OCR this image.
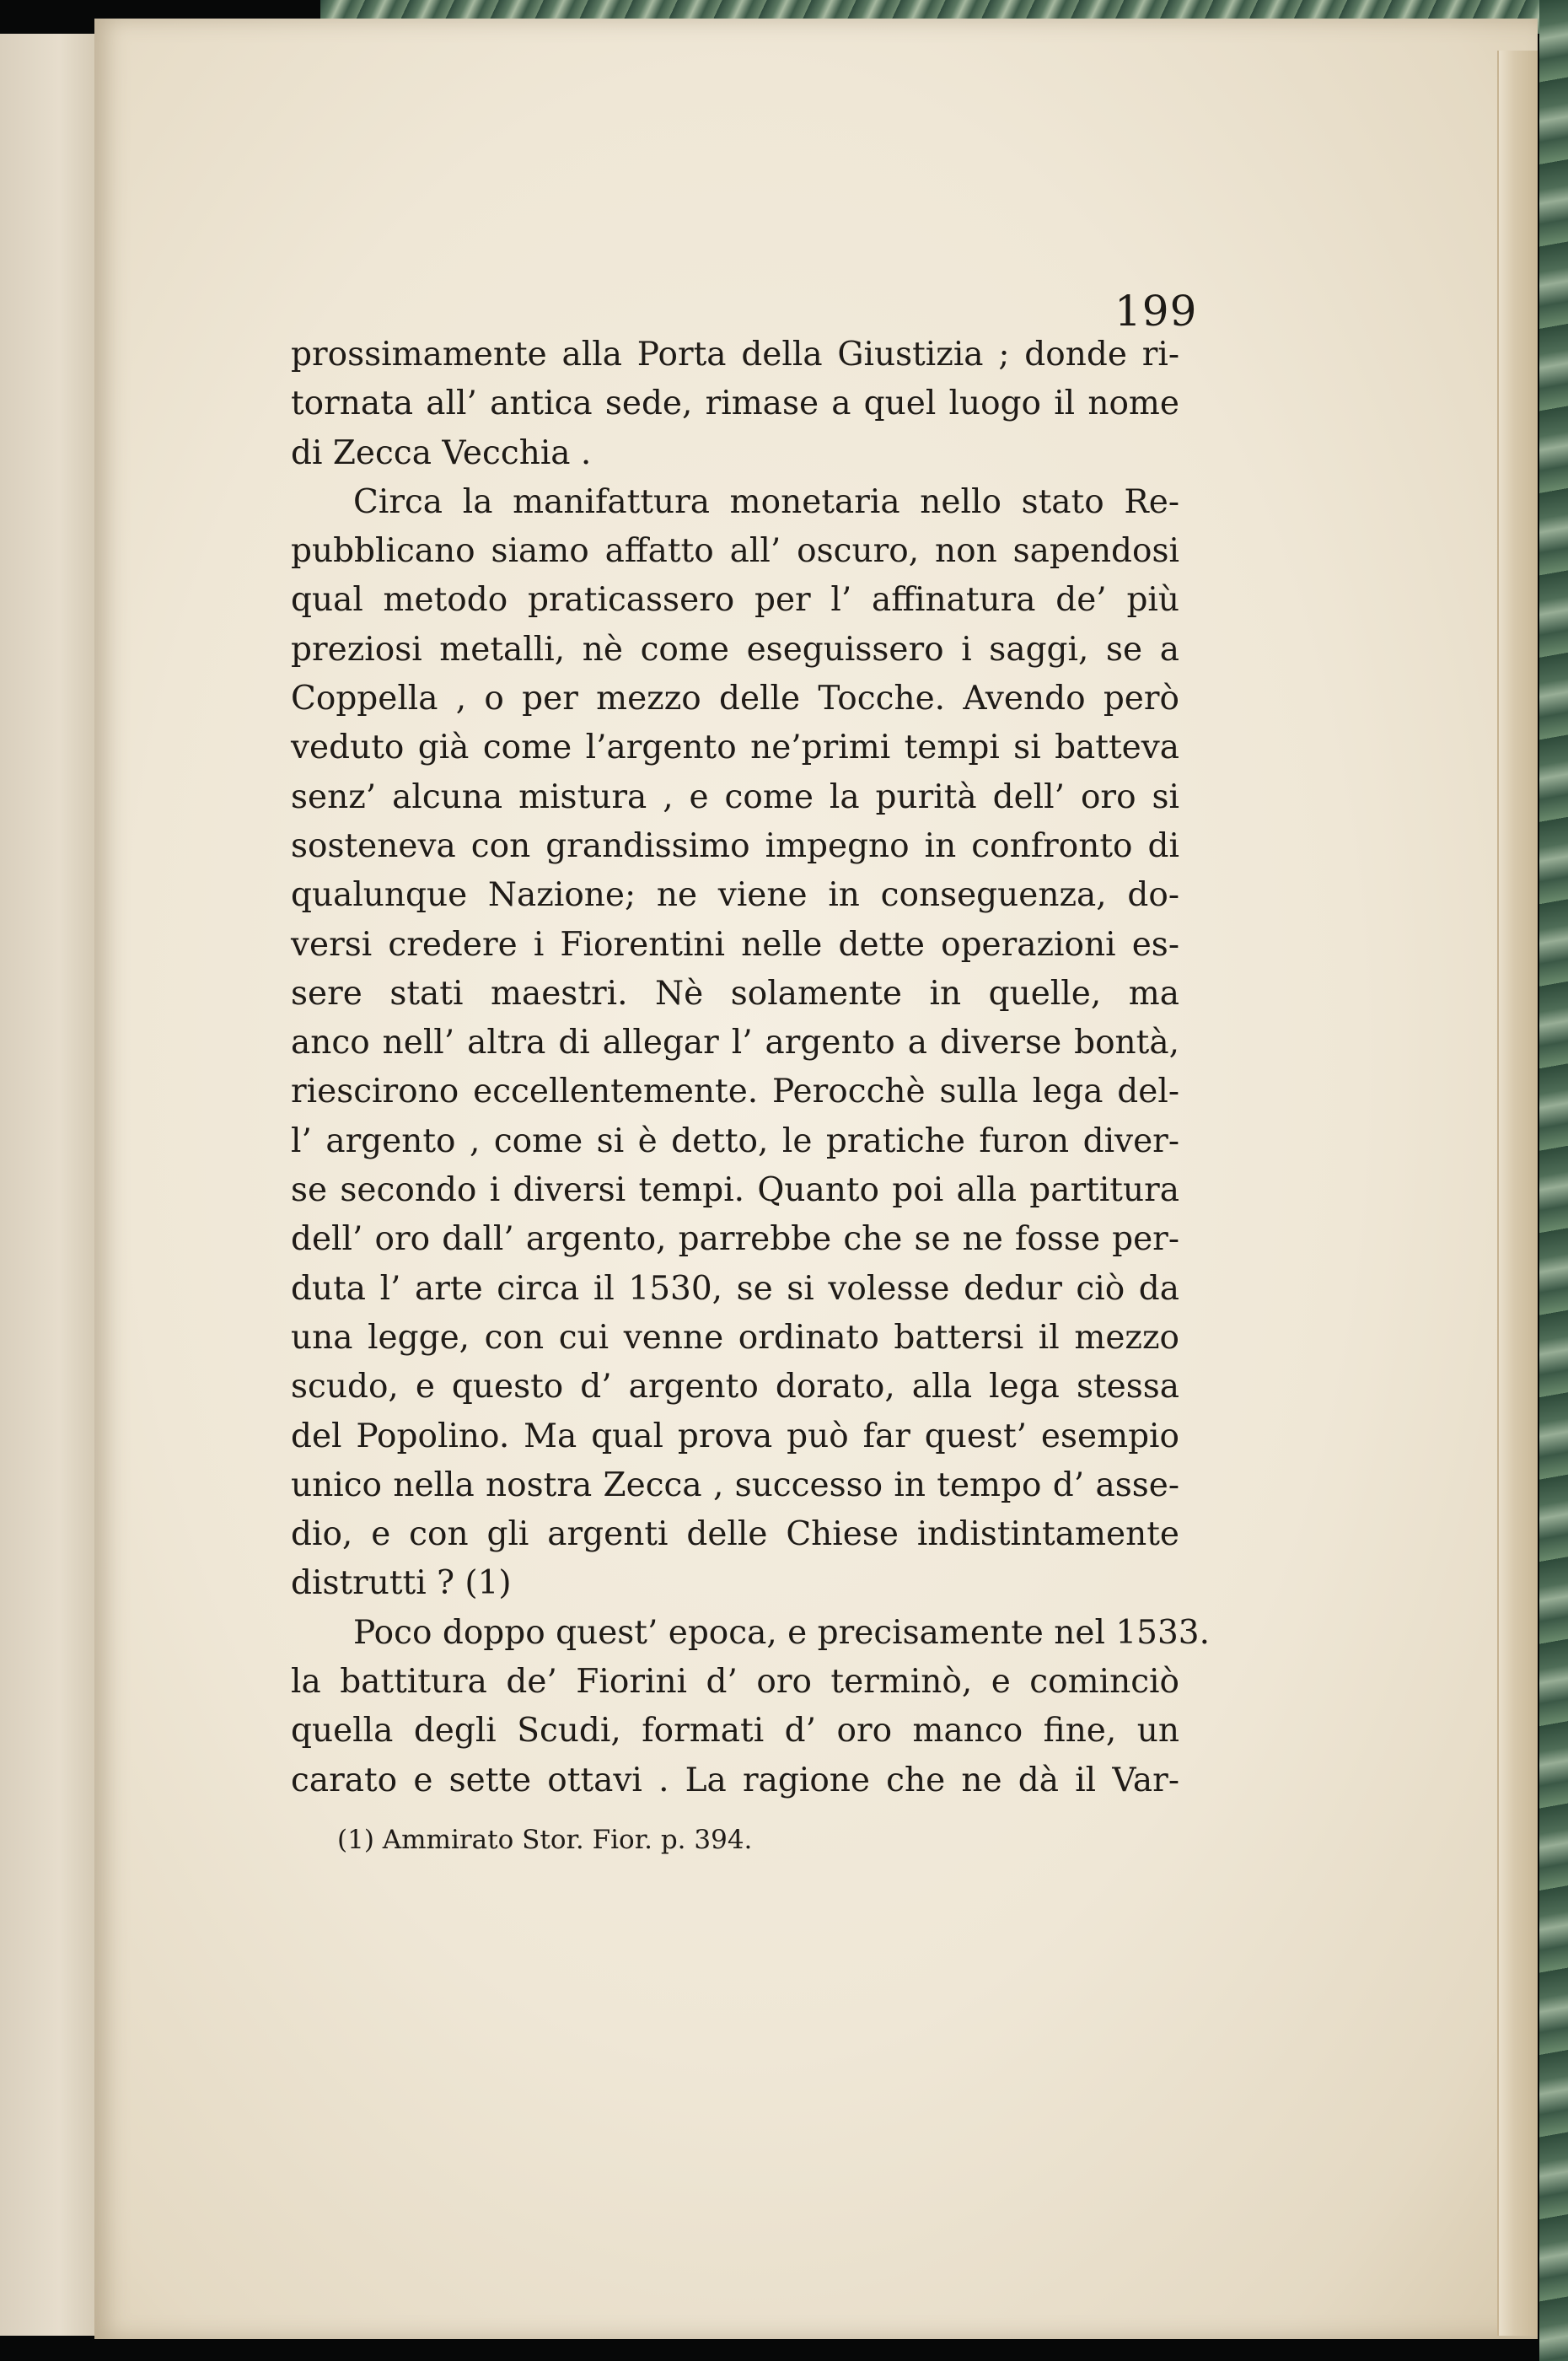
199

prossimamente alla Porta della Giustizia ; donde ri-
tornata all’ antica sede, rimase a quel luogo il nome
di Zecca Vecchia .
Circa la manifattura monetaria nello stato Re-
pubblicano siamo affatto all’ oscuro, non sapendosi
qual metodo praticassero per l’ affinatura de’ più
preziosi metalli, nè come eseguissero i saggi, se a
Coppella , o per mezzo delle Tocche. Avendo però
veduto già come l’argento ne’primi tempi si batteva
senz’ alcuna mistura , e come la purità dell’ oro si
sosteneva con grandissimo impegno in confronto di
qualunque Nazione; ne viene in conseguenza, do-
versi credere i Fiorentini nelle dette operazioni es-
sere stati maestri. Nè solamente in quelle, ma
anco nell’ altra di allegar l’ argento a diverse bontà,
riescirono eccellentemente. Perocchè sulla lega del-
l’ argento , come si è detto, le pratiche furon diver-
se secondo i diversi tempi. Quanto poi alla partitura
dell’ oro dall’ argento, parrebbe che se ne fosse per-
duta l’ arte circa il 1530, se si volesse dedur ciò da
una legge, con cui venne ordinato battersi il mezzo
scudo, e questo d’ argento dorato, alla lega stessa
del Popolino. Ma qual prova può far quest’ esempio
unico nella nostra Zecca , successo in tempo d’ asse-
dio, e con gli argenti delle Chiese indistintamente
distrutti ? (1)
Poco doppo quest’ epoca, e precisamente nel 1533.
la battitura de’ Fiorini d’ oro terminò, e cominciò
quella degli Scudi, formati d’ oro manco fine, un
carato e sette ottavi . La ragione che ne dà il Var-

(1) Ammirato Stor. Fior. p. 394.
